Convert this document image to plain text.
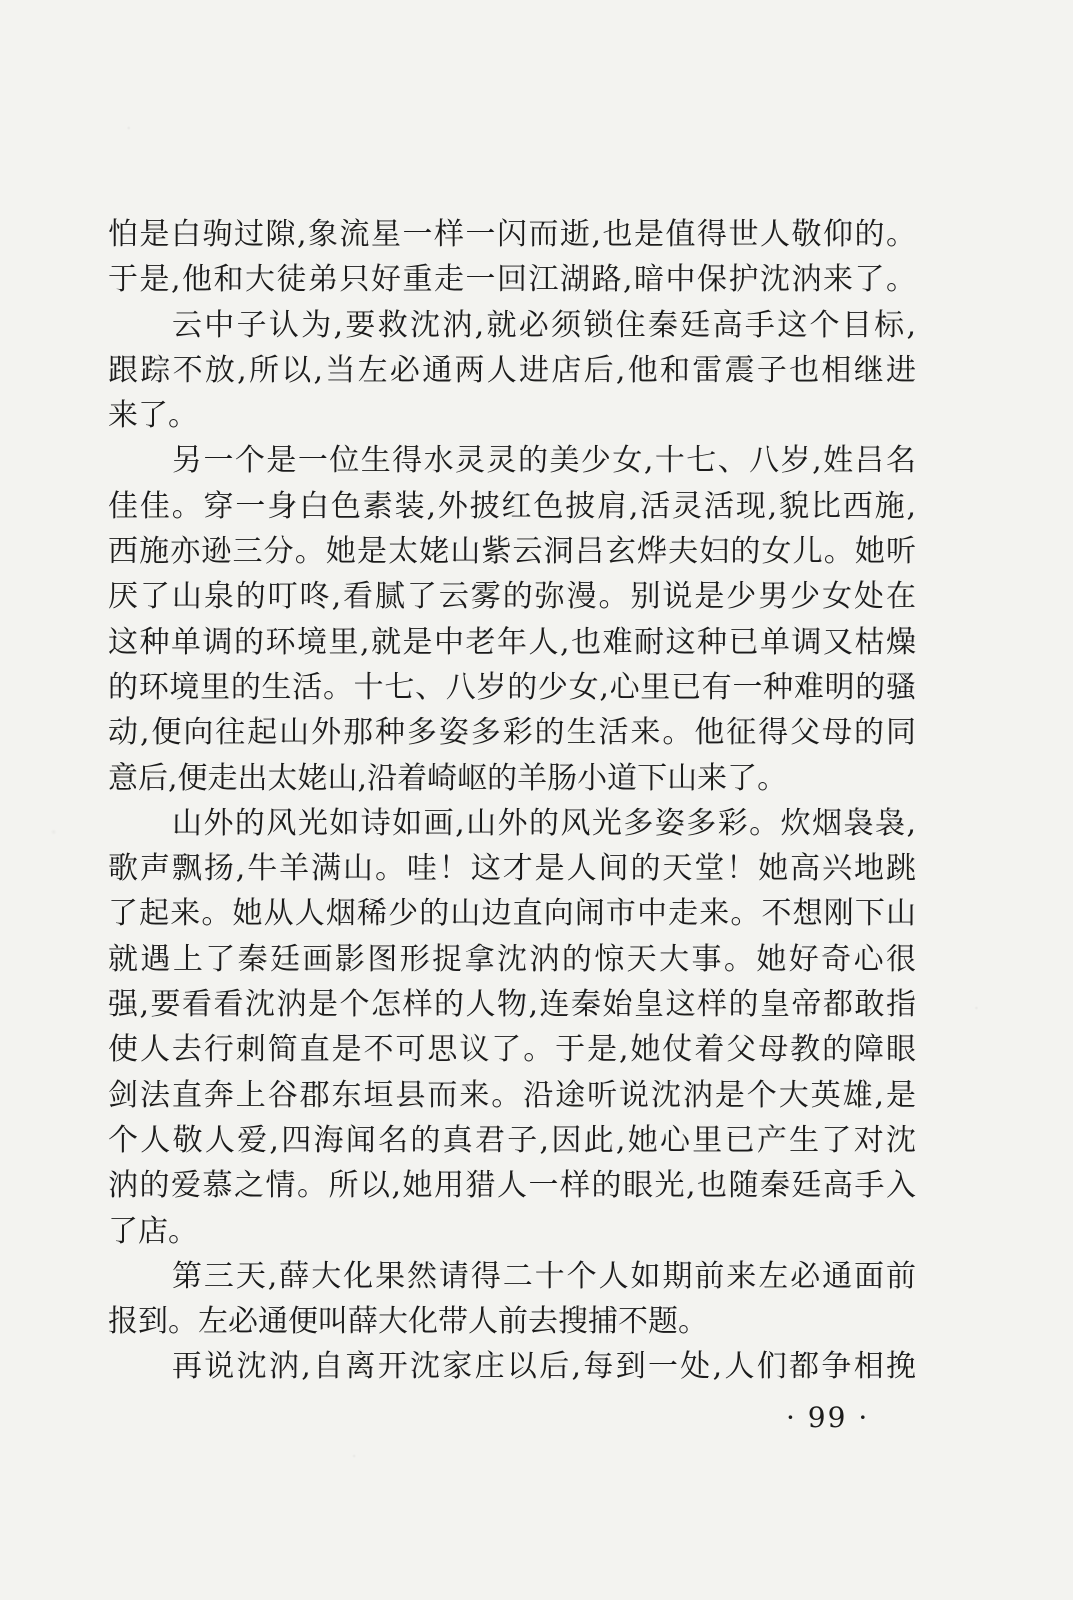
怕是白驹过隙,象流星一样一闪而逝,也是值得世人敬仰的。
于是,他和大徒弟只好重走一回江湖路,暗中保护沈汭来了。
云中子认为,要救沈汭,就必须锁住秦廷高手这个目标,
跟踪不放,所以,当左必通两人进店后,他和雷震子也相继进
来了。
另一个是一位生得水灵灵的美少女,十七、八岁,姓吕名
佳佳。穿一身白色素装,外披红色披肩,活灵活现,貌比西施,
西施亦逊三分。她是太姥山紫云洞吕玄烨夫妇的女儿。她听
厌了山泉的叮咚,看腻了云雾的弥漫。别说是少男少女处在
这种单调的环境里,就是中老年人,也难耐这种已单调又枯燥
的环境里的生活。十七、八岁的少女,心里已有一种难明的骚
动,便向往起山外那种多姿多彩的生活来。他征得父母的同
意后,便走出太姥山,沿着崎岖的羊肠小道下山来了。
山外的风光如诗如画,山外的风光多姿多彩。炊烟袅袅,
歌声飘扬,牛羊满山。哇！这才是人间的天堂！她高兴地跳
了起来。她从人烟稀少的山边直向闹市中走来。不想刚下山
就遇上了秦廷画影图形捉拿沈汭的惊天大事。她好奇心很
强,要看看沈汭是个怎样的人物,连秦始皇这样的皇帝都敢指
使人去行刺简直是不可思议了。于是,她仗着父母教的障眼
剑法直奔上谷郡东垣县而来。沿途听说沈汭是个大英雄,是
个人敬人爱,四海闻名的真君子,因此,她心里已产生了对沈
汭的爱慕之情。所以,她用猎人一样的眼光,也随秦廷高手入
了店。
第三天,薛大化果然请得二十个人如期前来左必通面前
报到。左必通便叫薛大化带人前去搜捕不题。
再说沈汭,自离开沈家庄以后,每到一处,人们都争相挽
· 99 ·
